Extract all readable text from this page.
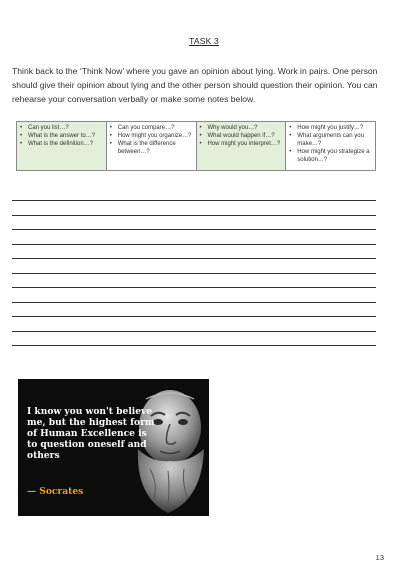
TASK 3
Think back to the ‘Think Now’ where you gave an opinion about lying. Work in pairs. One person should give their opinion about lying and the other person should question their opinion. You can rehearse your conversation verbally or make some notes below.
• Can you list…?
• What is the answer to…?
• What is the definition…?

• Can you compare…?
• How might you organize…?
• What is the difference between…?

• Why would you…?
• What would happen if…?
• How might you interpret…?

• How might you justify…?
• What arguments can you make…?
• How might you strategize a solution…?
I know you won't believe me, but the highest form of Human Excellence is to question oneself and others
— Socrates
13
